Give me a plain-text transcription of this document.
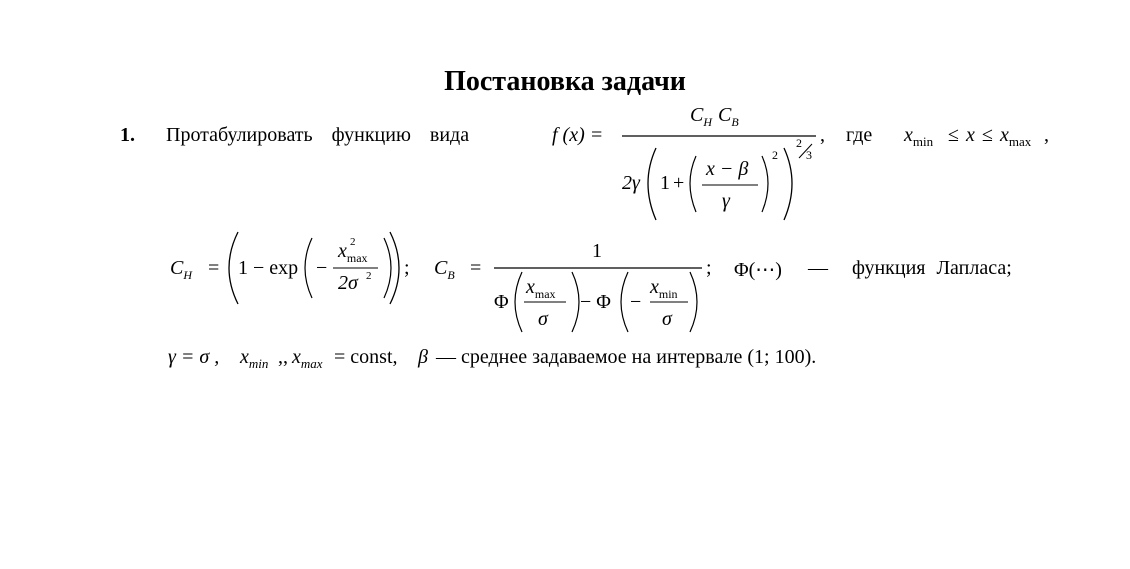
Постановка задачи
1. Протабулировать функцию вида	f (x) =
$C_H$ $C_B$
2γ 1 +
x − β
γ
2
2
3
, где $x_{min} \le x \le x_{max}$ ,
$C_H = 1 - \exp$ −
$x_{max}$
2
2σ 2 ; $C_B$ =
1
Φ
$x_{max}$
σ
− Φ −
$x_{min}$
σ
; Φ(⋯) — функция Лапласа;
γ = σ , $x_{min}$ ,, $x_{max}$ = const, β — среднее задаваемое на интервале (1; 100).
